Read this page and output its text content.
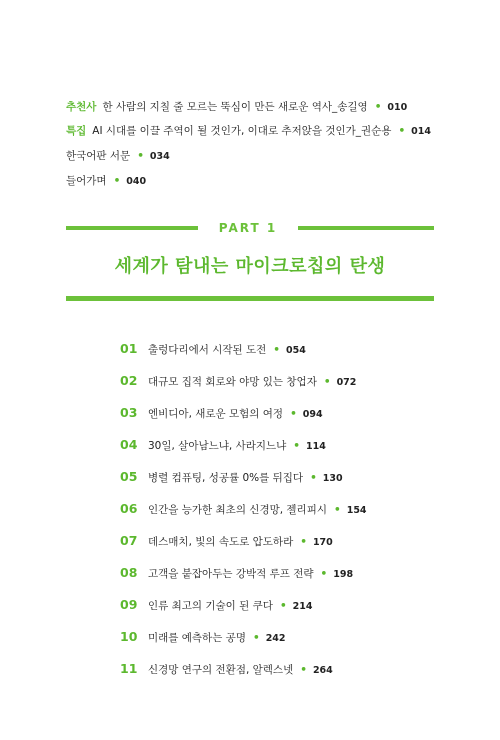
추천사 한 사람의 지칠 줄 모르는 뚝심이 만든 새로운 역사_송길영 • 010
특집 AI 시대를 이끌 주역이 될 것인가, 이대로 추저앉을 것인가_권순용 • 014
한국어판 서문 • 034
들어가며 • 040
PART 1
세계가 탐내는 마이크로칩의 탄생
01 출렁다리에서 시작된 도전 • 054
02 대규모 집적 회로와 야망 있는 창업자 • 072
03 엔비디아, 새로운 모험의 여정 • 094
04 30일, 살아남느냐, 사라지느냐 • 114
05 병렬 컴퓨팅, 성공률 0%를 뒤집다 • 130
06 인간을 능가한 최초의 신경망, 젤리피시 • 154
07 데스매치, 빛의 속도로 압도하라 • 170
08 고객을 붙잡아두는 강박적 루프 전략 • 198
09 인류 최고의 기술이 된 쿠다 • 214
10 미래를 예측하는 공명 • 242
11 신경망 연구의 전환점, 알렉스넷 • 264
